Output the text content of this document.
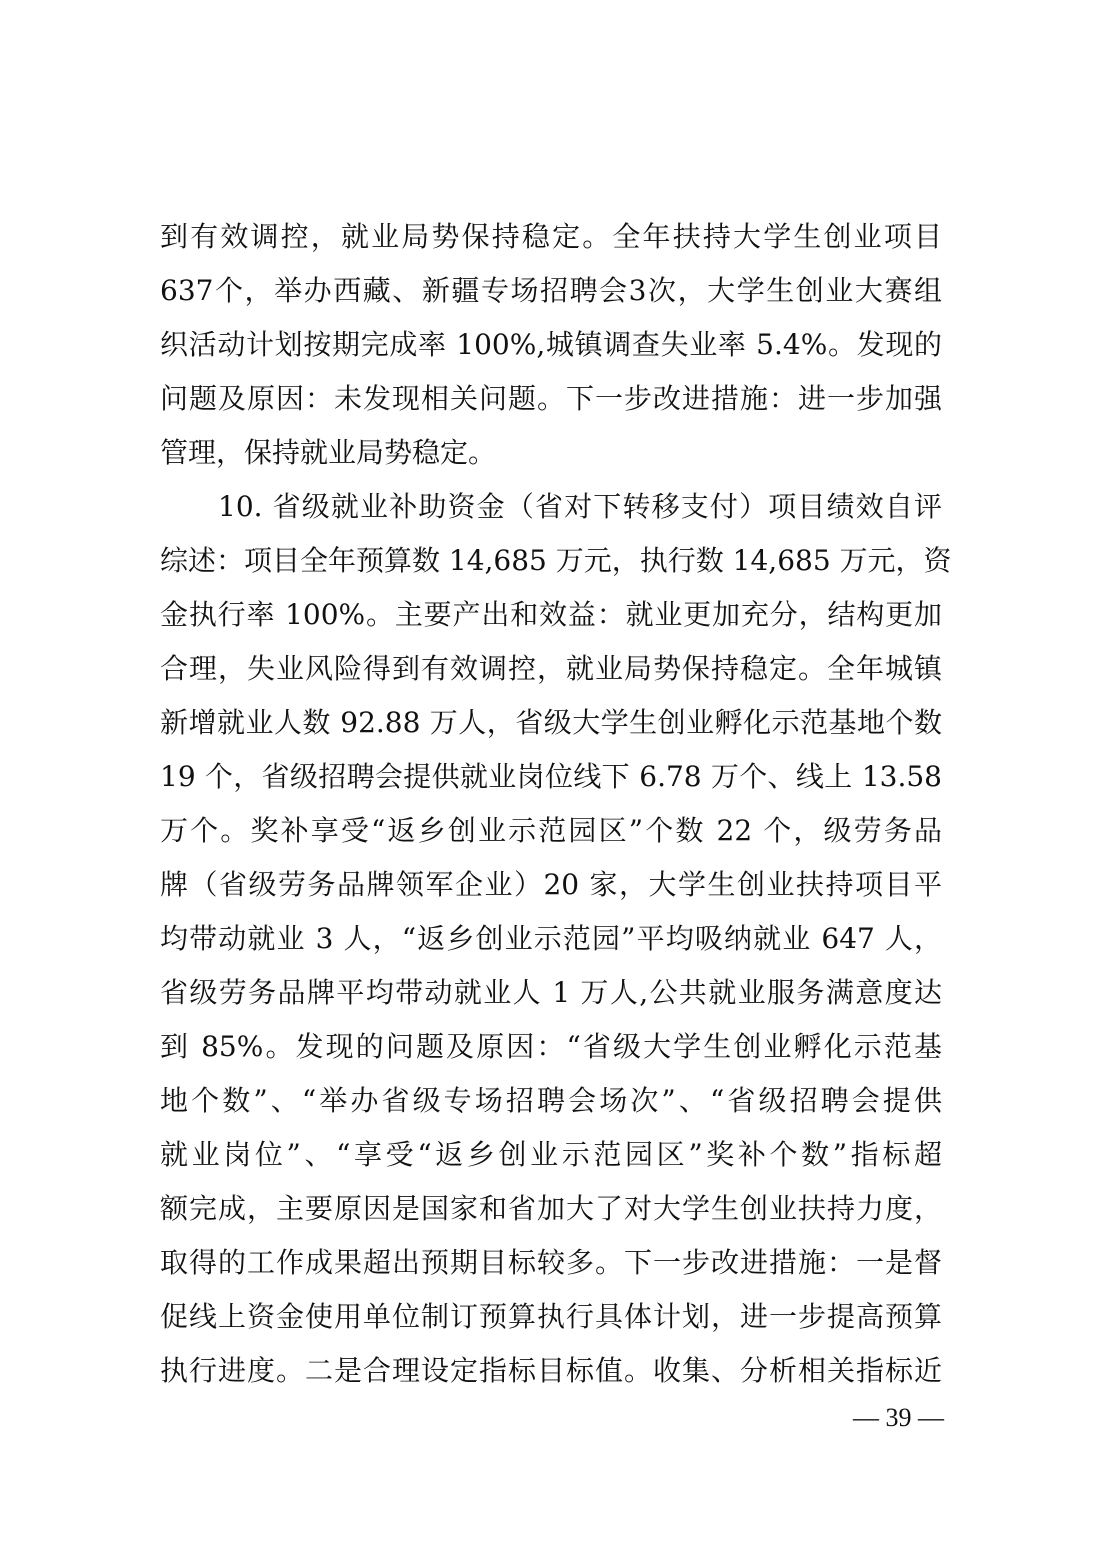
到有效调控，就业局势保持稳定。全年扶持大学生创业项目
637个，举办西藏、新疆专场招聘会3次，大学生创业大赛组
织活动计划按期完成率 100%,城镇调查失业率 5.4%。发现的
问题及原因：未发现相关问题。下一步改进措施：进一步加强
管理，保持就业局势稳定。
10. 省级就业补助资金（省对下转移支付）项目绩效自评
综述：项目全年预算数 14,685 万元，执行数 14,685 万元，资
金执行率 100%。主要产出和效益：就业更加充分，结构更加
合理，失业风险得到有效调控，就业局势保持稳定。全年城镇
新增就业人数 92.88 万人，省级大学生创业孵化示范基地个数
19 个，省级招聘会提供就业岗位线下 6.78 万个、线上 13.58
万个。奖补享受“返乡创业示范园区”个数 22 个，级劳务品
牌（省级劳务品牌领军企业）20 家，大学生创业扶持项目平
均带动就业 3 人，“返乡创业示范园”平均吸纳就业 647 人，
省级劳务品牌平均带动就业人 1 万人,公共就业服务满意度达
到 85%。发现的问题及原因：“省级大学生创业孵化示范基
地个数”、“举办省级专场招聘会场次”、“省级招聘会提供
就业岗位”、“享受“返乡创业示范园区”奖补个数”指标超
额完成，主要原因是国家和省加大了对大学生创业扶持力度，
取得的工作成果超出预期目标较多。下一步改进措施：一是督
促线上资金使用单位制订预算执行具体计划，进一步提高预算
执行进度。二是合理设定指标目标值。收集、分析相关指标近
— 39 —
